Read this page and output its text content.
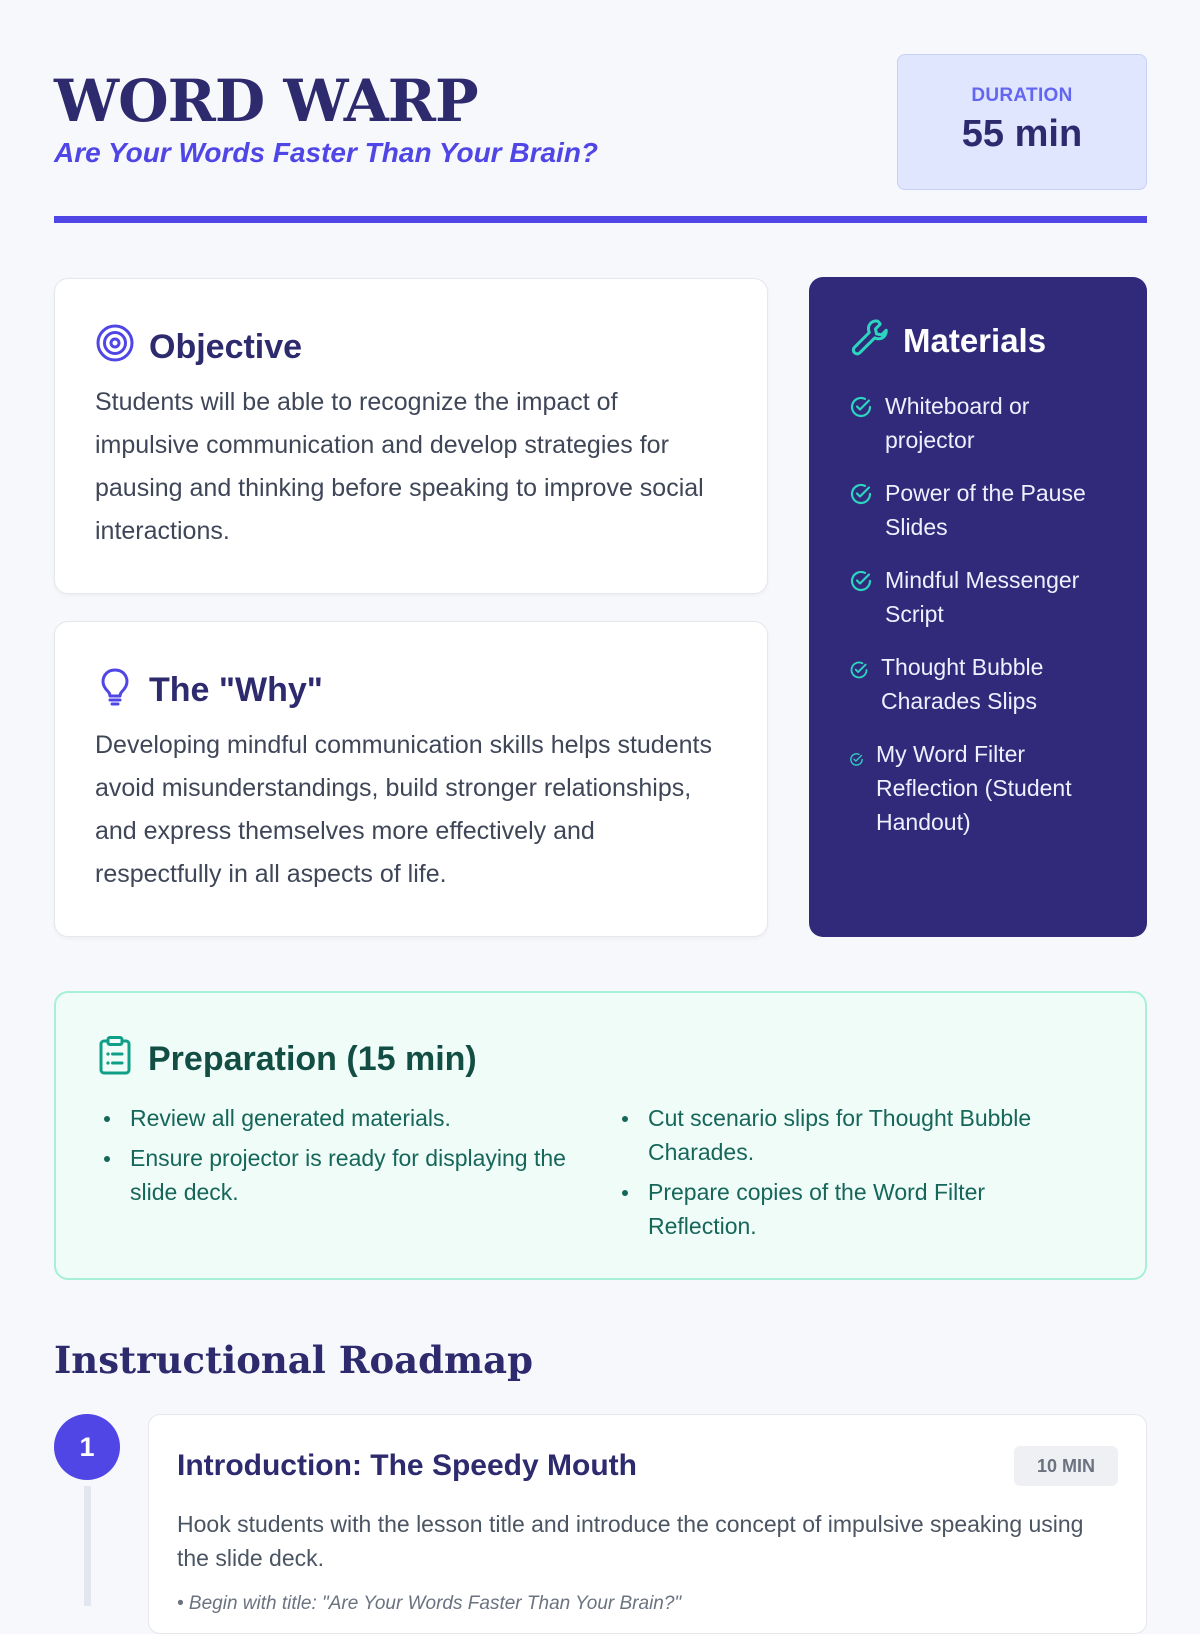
WORD WARP
Are Your Words Faster Than Your Brain?
DURATION
55 min
Objective
Students will be able to recognize the impact of impulsive communication and develop strategies for pausing and thinking before speaking to improve social interactions.
The "Why"
Developing mindful communication skills helps students avoid misunderstandings, build stronger relationships, and express themselves more effectively and respectfully in all aspects of life.
Materials
Whiteboard or projector
Power of the Pause Slides
Mindful Messenger Script
Thought Bubble Charades Slips
My Word Filter Reflection (Student Handout)
Preparation (15 min)
Review all generated materials.
Ensure projector is ready for displaying the slide deck.
Cut scenario slips for Thought Bubble Charades.
Prepare copies of the Word Filter Reflection.
Instructional Roadmap
1
Introduction: The Speedy Mouth	10 MIN
Hook students with the lesson title and introduce the concept of impulsive speaking using the slide deck.
• Begin with title: "Are Your Words Faster Than Your Brain?"
